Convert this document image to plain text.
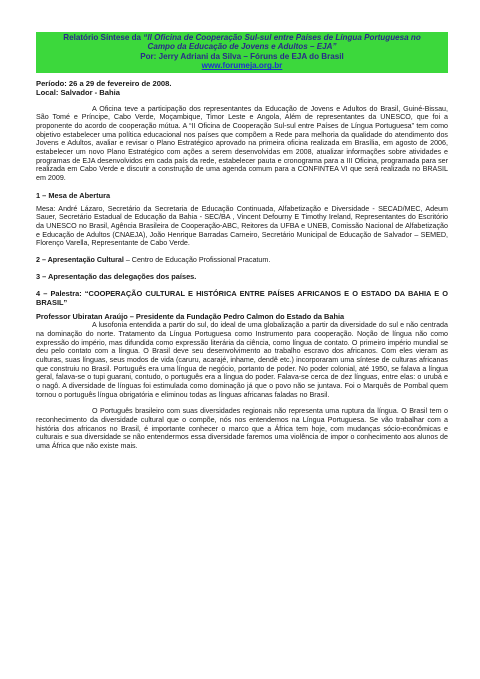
Relatório Síntese da “II Oficina de Cooperação Sul-sul entre Países de Língua Portuguesa no
Campo da Educação de Jovens e Adultos – EJA”
Por: Jerry Adriani da Silva – Fóruns de EJA do Brasil
www.forumeja.org.br
Período: 26 a 29 de fevereiro de 2008.
Local: Salvador - Bahia

A Oficina teve a participação dos representantes da Educação de Jovens e Adultos do Brasil, Guiné-Bissau, São Tomé e Príncipe, Cabo Verde, Moçambique, Timor Leste e Angola, Além de representantes da UNESCO, que foi a proponente do acordo de cooperação mútua. A “II Oficina de Cooperação Sul-sul entre Países de Língua Portuguesa” tem como objetivo estabelecer uma política educacional nos países que compõem a Rede para melhoria da qualidade do atendimento dos Jovens e Adultos, avaliar e revisar o Plano Estratégico aprovado na primeira oficina realizada em Brasília, em agosto de 2006, estabelecer um novo Plano Estratégico com ações a serem desenvolvidas em 2008, atualizar informações sobre atividades e programas de EJA desenvolvidos em cada país da rede, estabelecer pauta e cronograma para a III Oficina, programada para ser realizada em Cabo Verde e discutir a construção de uma agenda comum para a CONFINTEA VI que será realizada no BRASIL em 2009.

1 – Mesa de Abertura

Mesa: André Lázaro, Secretário da Secretaria de Educação Continuada, Alfabetização e Diversidade - SECAD/MEC, Adeum Sauer, Secretário Estadual de Educação da Bahia - SEC/BA , Vincent Defourny E Timothy Ireland, Representantes do Escritório da UNESCO no Brasil, Agência Brasileira de Cooperação-ABC, Reitores da UFBA e UNEB, Comissão Nacional de Alfabetização e Educação de Adultos (CNAEJA), João Henrique Barradas Carneiro, Secretário Municipal de Educação de Salvador – SEMED, Florenço Varella, Representante de Cabo Verde.

2 – Apresentação Cultural – Centro de Educação Profissional Pracatum.

3 – Apresentação das delegações dos países.
4 – Palestra: “COOPERAÇÃO CULTURAL E HISTÓRICA ENTRE PAÍSES AFRICANOS E O ESTADO DA BAHIA E O BRASIL”
Professor Ubiratan Araújo – Presidente da Fundação Pedro Calmon do Estado da Bahia

A lusofonia entendida a partir do sul, do ideal de uma globalização a partir da diversidade do sul e não centrada na dominação do norte. Tratamento da Língua Portuguesa como Instrumento para cooperação. Noção de língua não como expressão do império, mas difundida como expressão literária da ciência, como língua de contato. O primeiro império mundial se deu pelo contato com a língua. O Brasil deve seu desenvolvimento ao trabalho escravo dos africanos. Com eles vieram as culturas, suas línguas, seus modos de vida (caruru, acarajé, inhame, dendê etc.) incorporaram uma síntese de culturas africanas que construiu no Brasil. Português era uma língua de negócio, portanto de poder. No poder colonial, até 1950, se falava a língua geral, falava-se o tupi guarani, contudo, o português era a língua do poder. Falava-se cerca de dez línguas, entre elas: o urubá e o nagô. A diversidade de línguas foi estimulada como dominação já que o povo não se juntava. Foi o Marquês de Pombal quem tornou o português língua obrigatória e eliminou todas as línguas africanas faladas no Brasil.

O Português brasileiro com suas diversidades regionais não representa uma ruptura da língua. O Brasil tem o reconhecimento da diversidade cultural que o compõe, nós nos entendemos na Língua Portuguesa. Se vão trabalhar com a história dos africanos no Brasil, é importante conhecer o marco que a África tem hoje, com mudanças sócio-econômicas e culturais e sua diversidade se não entendermos essa diversidade faremos uma violência de impor o conhecimento aos alunos de uma África que não existe mais.
